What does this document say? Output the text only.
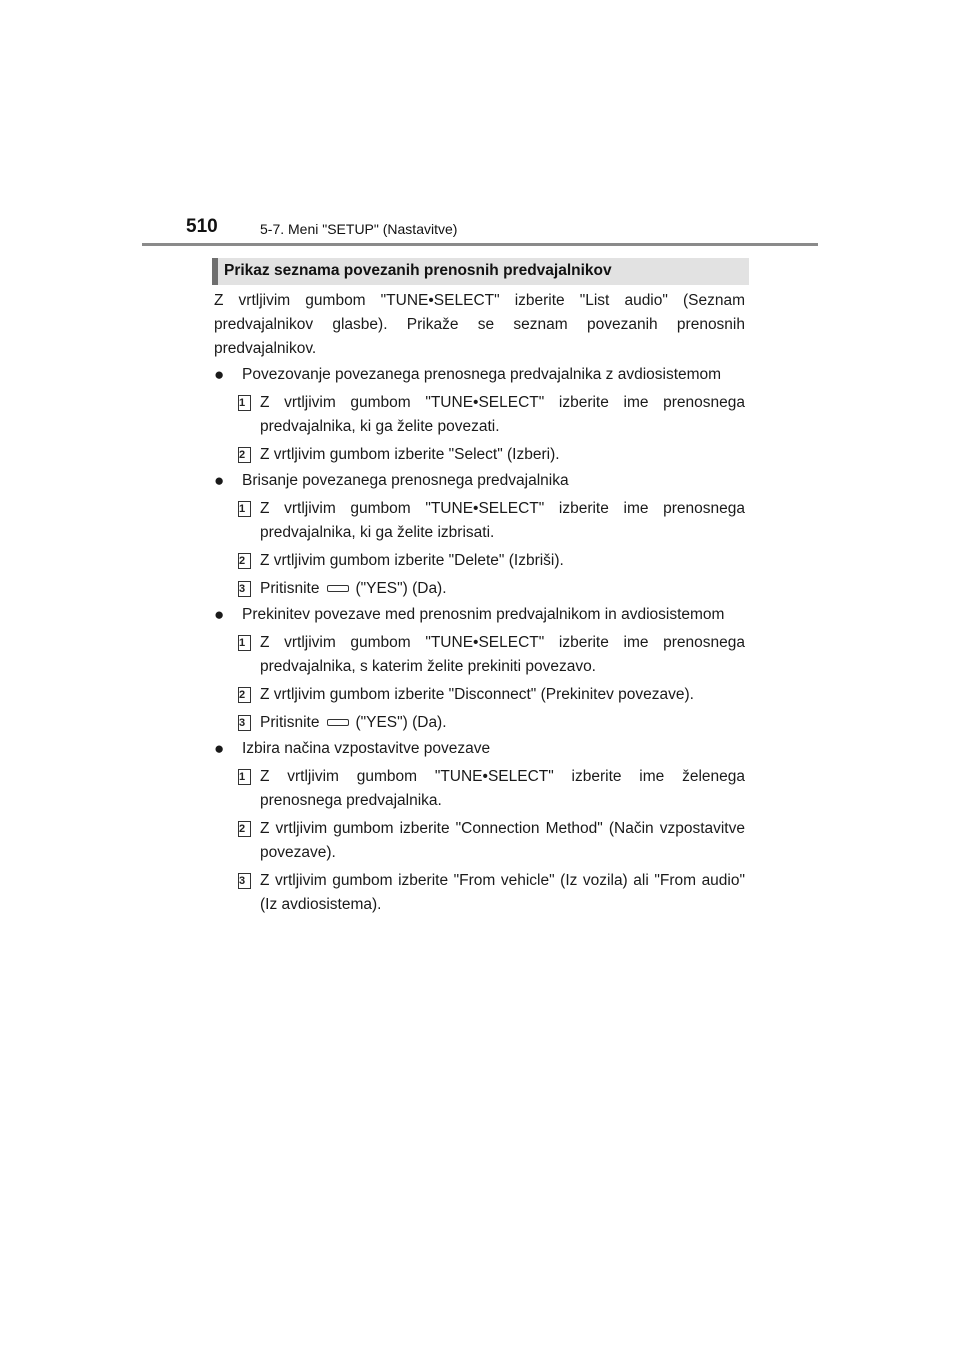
510	5-7. Meni "SETUP" (Nastavitve)
Prikaz seznama povezanih prenosnih predvajalnikov

Z vrtljivim gumbom "TUNE•SELECT" izberite "List audio" (Seznam predvajalnikov glasbe). Prikaže se seznam povezanih prenosnih predvajalnikov.

● Povezovanje povezanega prenosnega predvajalnika z avdiosistemom
1 Z vrtljivim gumbom "TUNE•SELECT" izberite ime prenosnega predvajalnika, ki ga želite povezati.
2 Z vrtljivim gumbom izberite "Select" (Izberi).
● Brisanje povezanega prenosnega predvajalnika
1 Z vrtljivim gumbom "TUNE•SELECT" izberite ime prenosnega predvajalnika, ki ga želite izbrisati.
2 Z vrtljivim gumbom izberite "Delete" (Izbriši).
3 Pritisnite ("YES") (Da).
● Prekinitev povezave med prenosnim predvajalnikom in avdiosistemom
1 Z vrtljivim gumbom "TUNE•SELECT" izberite ime prenosnega predvajalnika, s katerim želite prekiniti povezavo.
2 Z vrtljivim gumbom izberite "Disconnect" (Prekinitev povezave).
3 Pritisnite ("YES") (Da).
● Izbira načina vzpostavitve povezave
1 Z vrtljivim gumbom "TUNE•SELECT" izberite ime želenega prenosnega predvajalnika.
2 Z vrtljivim gumbom izberite "Connection Method" (Način vzpostavitve povezave).
3 Z vrtljivim gumbom izberite "From vehicle" (Iz vozila) ali "From audio" (Iz avdiosistema).
